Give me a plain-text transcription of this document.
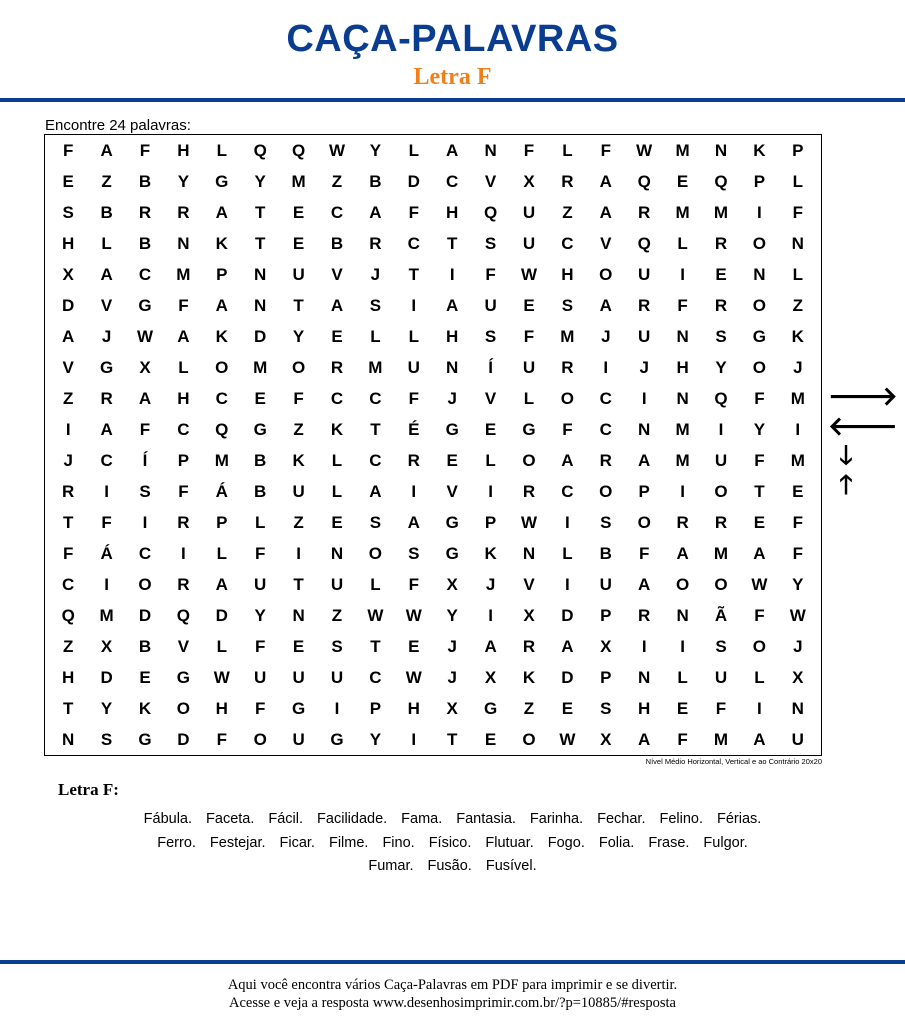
CAÇA-PALAVRAS
Letra F
Encontre 24 palavras:
F	A	F	H	L	Q	Q	W	Y	L	A	N	F	L	F	W	M	N	K	P
E	Z	B	Y	G	Y	M	Z	B	D	C	V	X	R	A	Q	E	Q	P	L
S	B	R	R	A	T	E	C	A	F	H	Q	U	Z	A	R	M	M	I	F
H	L	B	N	K	T	E	B	R	C	T	S	U	C	V	Q	L	R	O	N
X	A	C	M	P	N	U	V	J	T	I	F	W	H	O	U	I	E	N	L
D	V	G	F	A	N	T	A	S	I	A	U	E	S	A	R	F	R	O	Z
A	J	W	A	K	D	Y	E	L	L	H	S	F	M	J	U	N	S	G	K
V	G	X	L	O	M	O	R	M	U	N	Í	U	R	I	J	H	Y	O	J
Z	R	A	H	C	E	F	C	C	F	J	V	L	O	C	I	N	Q	F	M
I	A	F	C	Q	G	Z	K	T	É	G	E	G	F	C	N	M	I	Y	I
J	C	Í	P	M	B	K	L	C	R	E	L	O	A	R	A	M	U	F	M
R	I	S	F	Á	B	U	L	A	I	V	I	R	C	O	P	I	O	T	E
T	F	I	R	P	L	Z	E	S	A	G	P	W	I	S	O	R	R	E	F
F	Á	C	I	L	F	I	N	O	S	G	K	N	L	B	F	A	M	A	F
C	I	O	R	A	U	T	U	L	F	X	J	V	I	U	A	O	O	W	Y
Q	M	D	Q	D	Y	N	Z	W	W	Y	I	X	D	P	R	N	Ã	F	W
Z	X	B	V	L	F	E	S	T	E	J	A	R	A	X	I	I	S	O	J
H	D	E	G	W	U	U	U	C	W	J	X	K	D	P	N	L	U	L	X
T	Y	K	O	H	F	G	I	P	H	X	G	Z	E	S	H	E	F	I	N
N	S	G	D	F	O	U	G	Y	I	T	E	O	W	X	A	F	M	A	U
Nível Médio Horizontal, Vertical e ao Contrário 20x20
🡒
🡐
🡓
🡑
Letra F:
Fábula. Faceta. Fácil. Facilidade. Fama. Fantasia. Farinha. Fechar. Felino. Férias.
Ferro. Festejar. Ficar. Filme. Fino. Físico. Flutuar. Fogo. Folia. Frase. Fulgor.
Fumar. Fusão. Fusível.
Aqui você encontra vários Caça-Palavras em PDF para imprimir e se divertir.
Acesse e veja a resposta www.desenhosimprimir.com.br/?p=10885/#resposta
